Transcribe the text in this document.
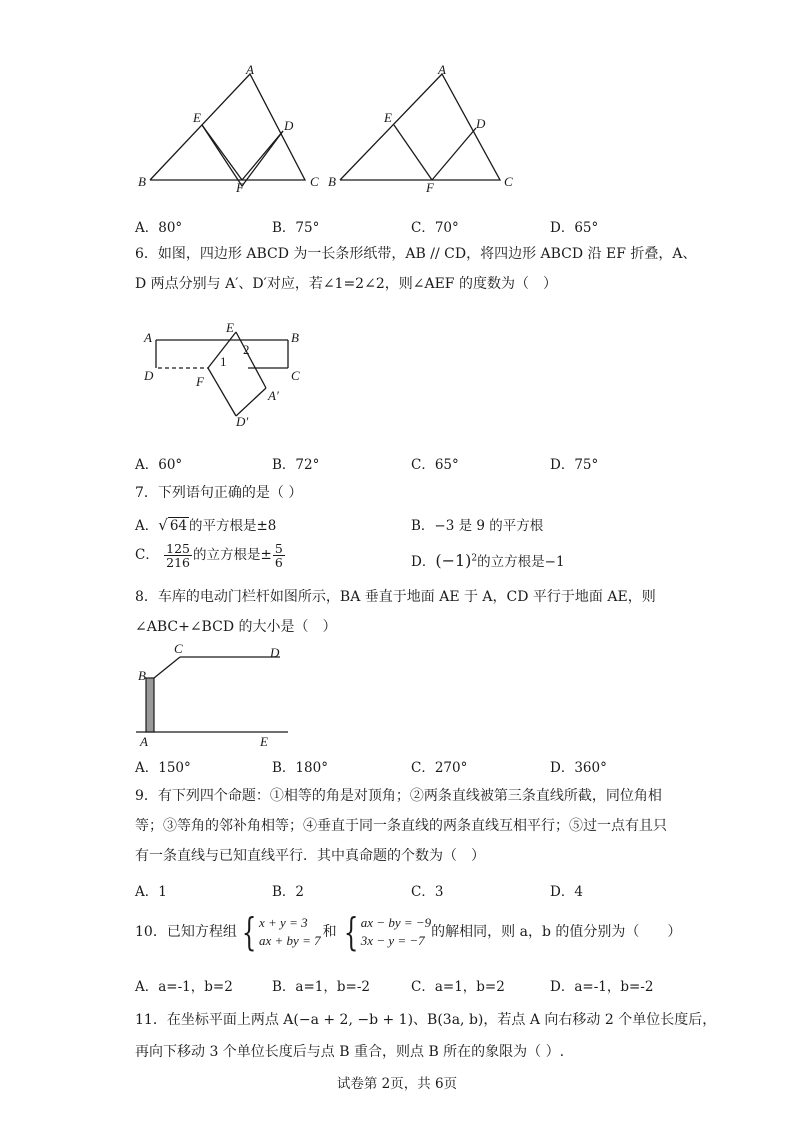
A
B	C
D
E
F
A
B	C
D
E
F
A．80°	B．75°	C．70°	D．65°
6．如图，四边形 ABCD 为一长条形纸带，AB // CD，将四边形 ABCD 沿 EF 折叠，A、
D 两点分别与 A′、D′对应，若∠1=2∠2，则∠AEF 的度数为（　）
A	B
C
D
E
F
A′
D′
1
2
A．60°	B．72°	C．65°	D．75°
7．下列语句正确的是（ ）
A．√ 64 的平方根是±8	B．−3 是 9 的平方根
C． $\frac{125}{216}$ 的立方根是± $\frac{5}{6}$	D．$(-1)^2$的立方根是−1
8．车库的电动门栏杆如图所示，BA 垂直于地面 AE 于 A，CD 平行于地面 AE，则
∠ABC+∠BCD 的大小是（　）
B
C	D
A	E
A．150°	B．180°	C．270°	D．360°
9．有下列四个命题：①相等的角是对顶角；②两条直线被第三条直线所截，同位角相
等；③等角的邻补角相等；④垂直于同一条直线的两条直线互相平行；⑤过一点有且只
有一条直线与已知直线平行．其中真命题的个数为（　）
A．1	B．2	C．3	D．4
10．已知方程组 { x + y = 3
ax + by = 7
和 { ax − by = −9
3x − y = −7
的解相同，则 a，b 的值分别为（　　）
A．a=-1，b=2	B．a=1，b=-2	C．a=1，b=2	D．a=-1，b=-2
11．在坐标平面上两点 A(−a + 2, −b + 1)、B(3a, b)，若点 A 向右移动 2 个单位长度后，
再向下移动 3 个单位长度后与点 B 重合，则点 B 所在的象限为（ ）.
试卷第 2页，共 6页
